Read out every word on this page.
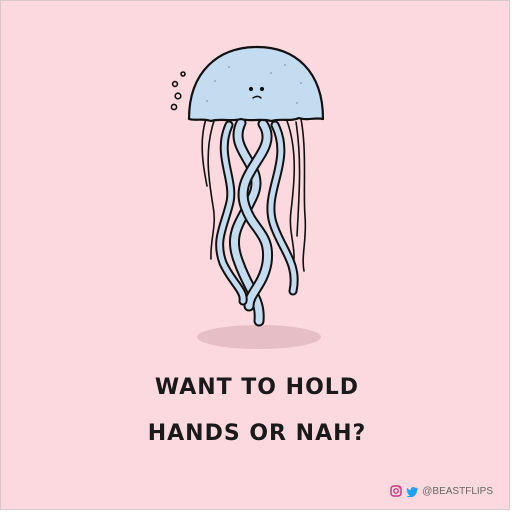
WANT TO HOLD
HANDS OR NAH?
@BEASTFLIPS
